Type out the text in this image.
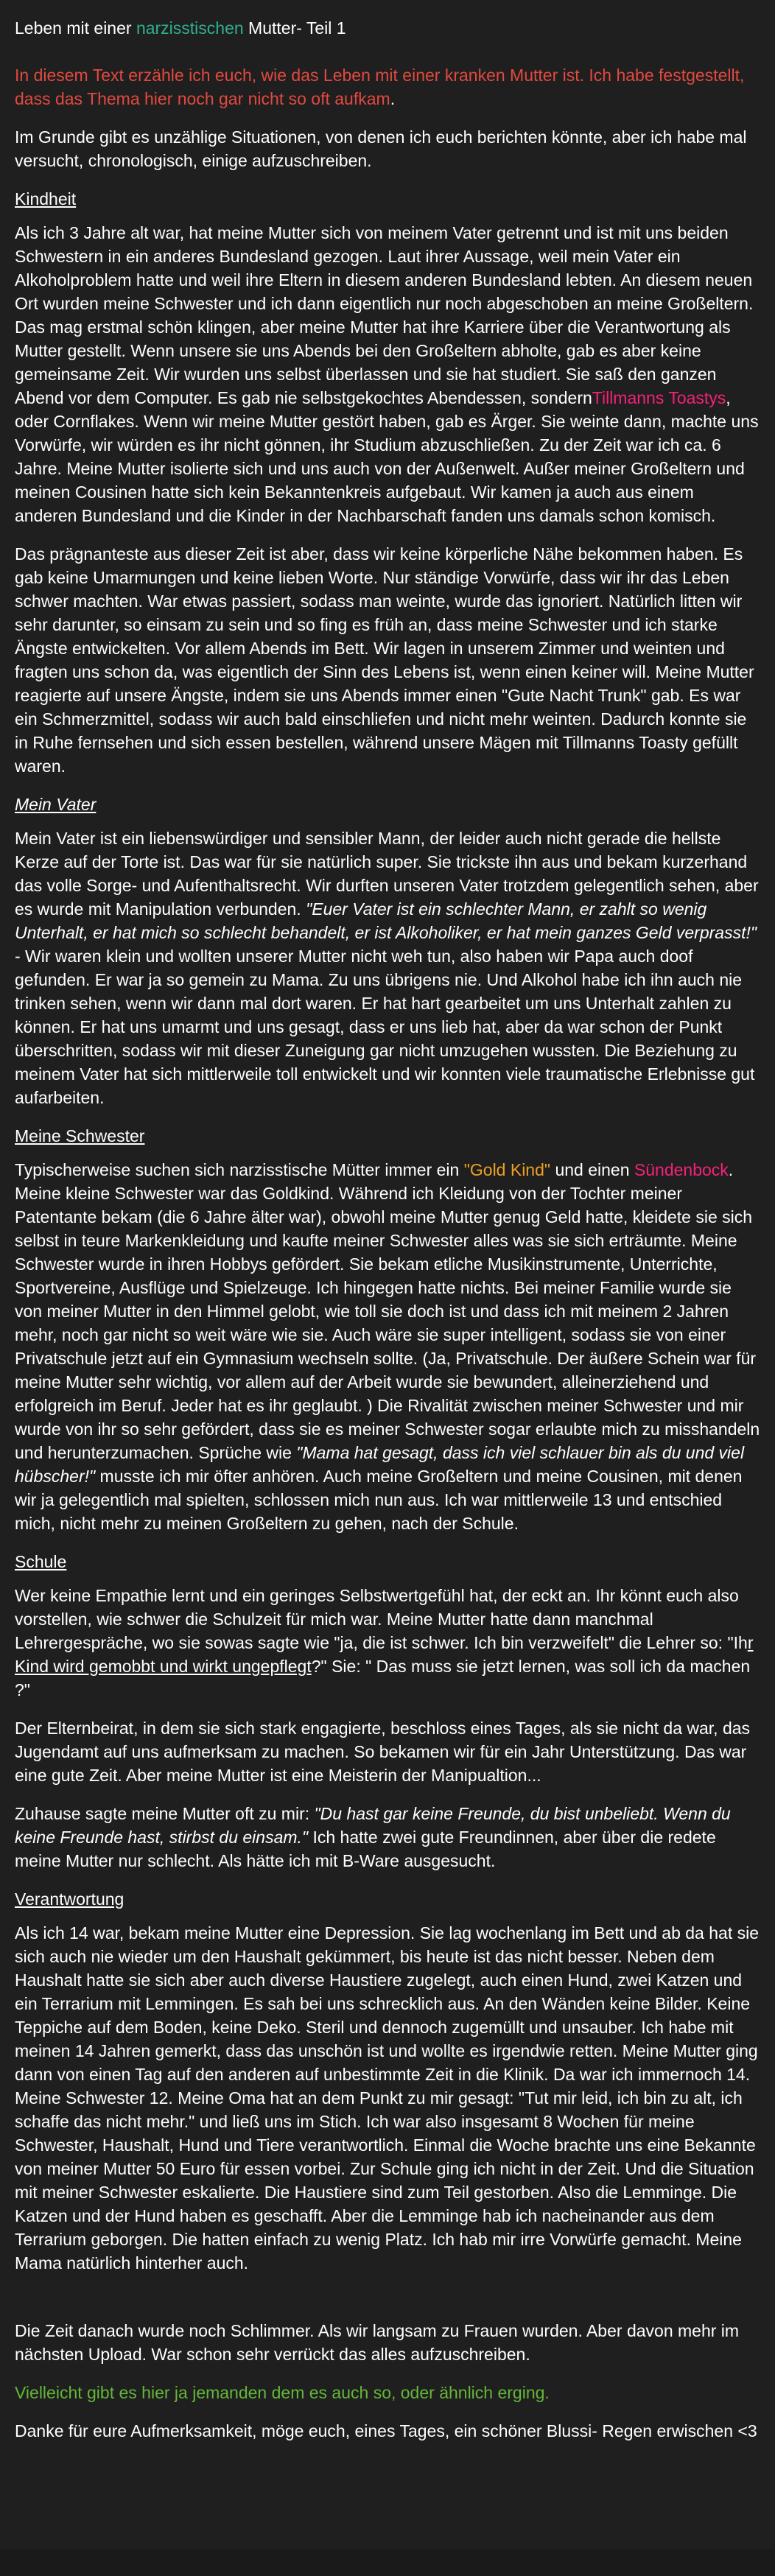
Leben mit einer narzisstischen Mutter- Teil 1

In diesem Text erzähle ich euch, wie das Leben mit einer kranken Mutter ist. Ich habe festgestellt, dass das Thema hier noch gar nicht so oft aufkam.

Im Grunde gibt es unzählige Situationen, von denen ich euch berichten könnte, aber ich habe mal versucht, chronologisch, einige aufzuschreiben.

Kindheit

Als ich 3 Jahre alt war, hat meine Mutter sich von meinem Vater getrennt und ist mit uns beiden Schwestern in ein anderes Bundesland gezogen. Laut ihrer Aussage, weil mein Vater ein Alkoholproblem hatte und weil ihre Eltern in diesem anderen Bundesland lebten. An diesem neuen Ort wurden meine Schwester und ich dann eigentlich nur noch abgeschoben an meine Großeltern. Das mag erstmal schön klingen, aber meine Mutter hat ihre Karriere über die Verantwortung als Mutter gestellt. Wenn unsere sie uns Abends bei den Großeltern abholte, gab es aber keine gemeinsame Zeit. Wir wurden uns selbst überlassen und sie hat studiert. Sie saß den ganzen Abend vor dem Computer. Es gab nie selbstgekochtes Abendessen, sondernTillmanns Toastys, oder Cornflakes. Wenn wir meine Mutter gestört haben, gab es Ärger. Sie weinte dann, machte uns Vorwürfe, wir würden es ihr nicht gönnen, ihr Studium abzuschließen. Zu der Zeit war ich ca. 6 Jahre. Meine Mutter isolierte sich und uns auch von der Außenwelt. Außer meiner Großeltern und meinen Cousinen hatte sich kein Bekanntenkreis aufgebaut. Wir kamen ja auch aus einem anderen Bundesland und die Kinder in der Nachbarschaft fanden uns damals schon komisch.

Das prägnanteste aus dieser Zeit ist aber, dass wir keine körperliche Nähe bekommen haben. Es gab keine Umarmungen und keine lieben Worte. Nur ständige Vorwürfe, dass wir ihr das Leben schwer machten. War etwas passiert, sodass man weinte, wurde das ignoriert. Natürlich litten wir sehr darunter, so einsam zu sein und so fing es früh an, dass meine Schwester und ich starke Ängste entwickelten. Vor allem Abends im Bett. Wir lagen in unserem Zimmer und weinten und fragten uns schon da, was eigentlich der Sinn des Lebens ist, wenn einen keiner will. Meine Mutter reagierte auf unsere Ängste, indem sie uns Abends immer einen "Gute Nacht Trunk" gab. Es war ein Schmerzmittel, sodass wir auch bald einschliefen und nicht mehr weinten. Dadurch konnte sie in Ruhe fernsehen und sich essen bestellen, während unsere Mägen mit Tillmanns Toasty gefüllt waren.

Mein Vater

Mein Vater ist ein liebenswürdiger und sensibler Mann, der leider auch nicht gerade die hellste Kerze auf der Torte ist. Das war für sie natürlich super. Sie trickste ihn aus und bekam kurzerhand das volle Sorge- und Aufenthaltsrecht. Wir durften unseren Vater trotzdem gelegentlich sehen, aber es wurde mit Manipulation verbunden. "Euer Vater ist ein schlechter Mann, er zahlt so wenig Unterhalt, er hat mich so schlecht behandelt, er ist Alkoholiker, er hat mein ganzes Geld verprasst!" - Wir waren klein und wollten unserer Mutter nicht weh tun, also haben wir Papa auch doof gefunden. Er war ja so gemein zu Mama. Zu uns übrigens nie. Und Alkohol habe ich ihn auch nie trinken sehen, wenn wir dann mal dort waren. Er hat hart gearbeitet um uns Unterhalt zahlen zu können. Er hat uns umarmt und uns gesagt, dass er uns lieb hat, aber da war schon der Punkt überschritten, sodass wir mit dieser Zuneigung gar nicht umzugehen wussten. Die Beziehung zu meinem Vater hat sich mittlerweile toll entwickelt und wir konnten viele traumatische Erlebnisse gut aufarbeiten.

Meine Schwester

Typischerweise suchen sich narzisstische Mütter immer ein "Gold Kind" und einen Sündenbock. Meine kleine Schwester war das Goldkind. Während ich Kleidung von der Tochter meiner Patentante bekam (die 6 Jahre älter war), obwohl meine Mutter genug Geld hatte, kleidete sie sich selbst in teure Markenkleidung und kaufte meiner Schwester alles was sie sich erträumte. Meine Schwester wurde in ihren Hobbys gefördert. Sie bekam etliche Musikinstrumente, Unterrichte, Sportvereine, Ausflüge und Spielzeuge. Ich hingegen hatte nichts. Bei meiner Familie wurde sie von meiner Mutter in den Himmel gelobt, wie toll sie doch ist und dass ich mit meinem 2 Jahren mehr, noch gar nicht so weit wäre wie sie. Auch wäre sie super intelligent, sodass sie von einer Privatschule jetzt auf ein Gymnasium wechseln sollte. (Ja, Privatschule. Der äußere Schein war für meine Mutter sehr wichtig, vor allem auf der Arbeit wurde sie bewundert, alleinerziehend und erfolgreich im Beruf. Jeder hat es ihr geglaubt. ) Die Rivalität zwischen meiner Schwester und mir wurde von ihr so sehr gefördert, dass sie es meiner Schwester sogar erlaubte mich zu misshandeln und herunterzumachen. Sprüche wie "Mama hat gesagt, dass ich viel schlauer bin als du und viel hübscher!" musste ich mir öfter anhören. Auch meine Großeltern und meine Cousinen, mit denen wir ja gelegentlich mal spielten, schlossen mich nun aus. Ich war mittlerweile 13 und entschied mich, nicht mehr zu meinen Großeltern zu gehen, nach der Schule.

Schule

Wer keine Empathie lernt und ein geringes Selbstwertgefühl hat, der eckt an. Ihr könnt euch also vorstellen, wie schwer die Schulzeit für mich war. Meine Mutter hatte dann manchmal Lehrergespräche, wo sie sowas sagte wie "ja, die ist schwer. Ich bin verzweifelt" die Lehrer so: "Ihr Kind wird gemobbt und wirkt ungepflegt?" Sie: " Das muss sie jetzt lernen, was soll ich da machen ?"

Der Elternbeirat, in dem sie sich stark engagierte, beschloss eines Tages, als sie nicht da war, das Jugendamt auf uns aufmerksam zu machen. So bekamen wir für ein Jahr Unterstützung. Das war eine gute Zeit. Aber meine Mutter ist eine Meisterin der Manipualtion...

Zuhause sagte meine Mutter oft zu mir: "Du hast gar keine Freunde, du bist unbeliebt. Wenn du keine Freunde hast, stirbst du einsam." Ich hatte zwei gute Freundinnen, aber über die redete meine Mutter nur schlecht. Als hätte ich mit B-Ware ausgesucht.

Verantwortung

Als ich 14 war, bekam meine Mutter eine Depression. Sie lag wochenlang im Bett und ab da hat sie sich auch nie wieder um den Haushalt gekümmert, bis heute ist das nicht besser. Neben dem Haushalt hatte sie sich aber auch diverse Haustiere zugelegt, auch einen Hund, zwei Katzen und ein Terrarium mit Lemmingen. Es sah bei uns schrecklich aus. An den Wänden keine Bilder. Keine Teppiche auf dem Boden, keine Deko. Steril und dennoch zugemüllt und unsauber. Ich habe mit meinen 14 Jahren gemerkt, dass das unschön ist und wollte es irgendwie retten. Meine Mutter ging dann von einen Tag auf den anderen auf unbestimmte Zeit in die Klinik. Da war ich immernoch 14. Meine Schwester 12. Meine Oma hat an dem Punkt zu mir gesagt: "Tut mir leid, ich bin zu alt, ich schaffe das nicht mehr." und ließ uns im Stich. Ich war also insgesamt 8 Wochen für meine Schwester, Haushalt, Hund und Tiere verantwortlich. Einmal die Woche brachte uns eine Bekannte von meiner Mutter 50 Euro für essen vorbei. Zur Schule ging ich nicht in der Zeit. Und die Situation mit meiner Schwester eskalierte. Die Haustiere sind zum Teil gestorben. Also die Lemminge. Die Katzen und der Hund haben es geschafft. Aber die Lemminge hab ich nacheinander aus dem Terrarium geborgen. Die hatten einfach zu wenig Platz. Ich hab mir irre Vorwürfe gemacht. Meine Mama natürlich hinterher auch.

Die Zeit danach wurde noch Schlimmer. Als wir langsam zu Frauen wurden. Aber davon mehr im nächsten Upload. War schon sehr verrückt das alles aufzuschreiben.

Vielleicht gibt es hier ja jemanden dem es auch so, oder ähnlich erging.

Danke für eure Aufmerksamkeit, möge euch, eines Tages, ein schöner Blussi- Regen erwischen <3
